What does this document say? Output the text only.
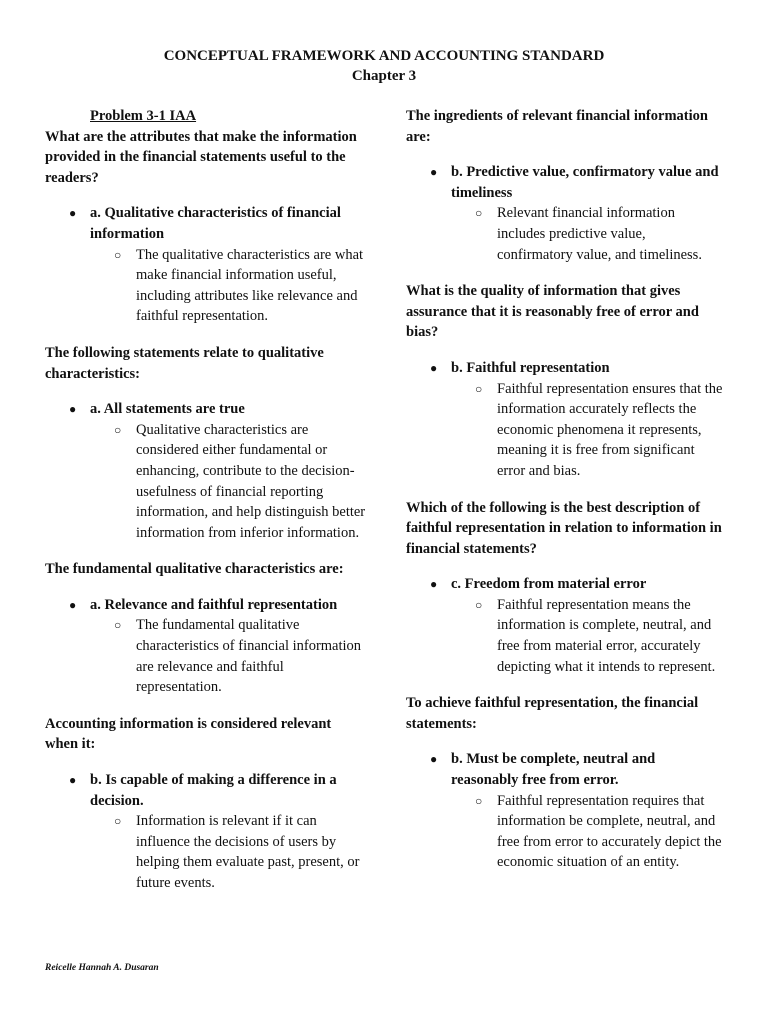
CONCEPTUAL FRAMEWORK AND ACCOUNTING STANDARD
Chapter 3
Problem 3-1 IAA

What are the attributes that make the information provided in the financial statements useful to the readers?

● a. Qualitative characteristics of financial information
○	The qualitative characteristics are what make financial information useful, including attributes like relevance and faithful representation.

The following statements relate to qualitative characteristics:

● a. All statements are true
○	Qualitative characteristics are considered either fundamental or enhancing, contribute to the decision-usefulness of financial reporting information, and help distinguish better information from inferior information.

The fundamental qualitative characteristics are:

● a. Relevance and faithful representation
○	The fundamental qualitative characteristics of financial information are relevance and faithful representation.

Accounting information is considered relevant when it:

● b. Is capable of making a difference in a decision.
○	Information is relevant if it can influence the decisions of users by helping them evaluate past, present, or future events.

The ingredients of relevant financial information are:

● b. Predictive value, confirmatory value and timeliness
○	Relevant financial information includes predictive value, confirmatory value, and timeliness.

What is the quality of information that gives assurance that it is reasonably free of error and bias?

● b. Faithful representation
○	Faithful representation ensures that the information accurately reflects the economic phenomena it represents, meaning it is free from significant error and bias.

Which of the following is the best description of faithful representation in relation to information in financial statements?

● c. Freedom from material error
○	Faithful representation means the information is complete, neutral, and free from material error, accurately depicting what it intends to represent.

To achieve faithful representation, the financial statements:

● b. Must be complete, neutral and reasonably free from error.
○	Faithful representation requires that information be complete, neutral, and free from error to accurately depict the economic situation of an entity.
Reicelle Hannah A. Dusaran
